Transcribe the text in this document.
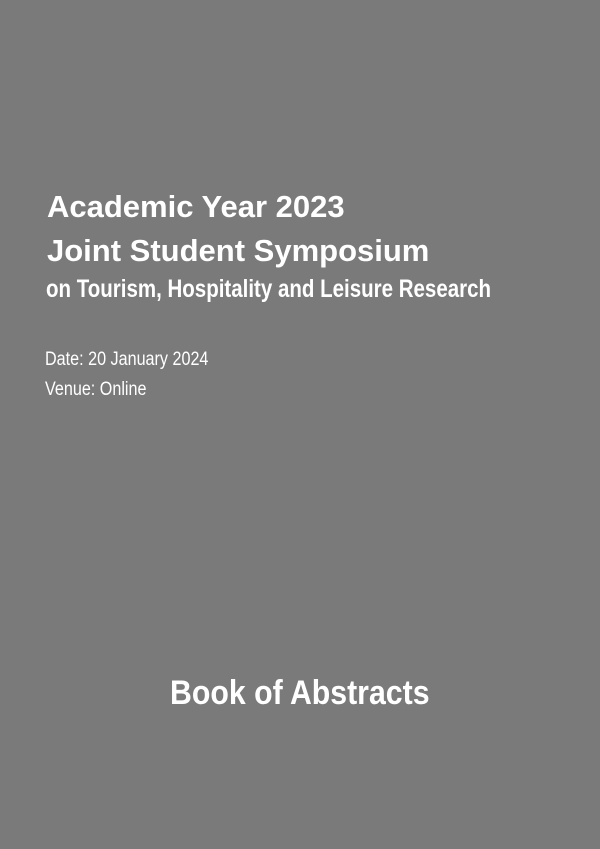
Academic Year 2023
Joint Student Symposium
on Tourism, Hospitality and Leisure Research
Date: 20 January 2024
Venue: Online
Book of Abstracts
